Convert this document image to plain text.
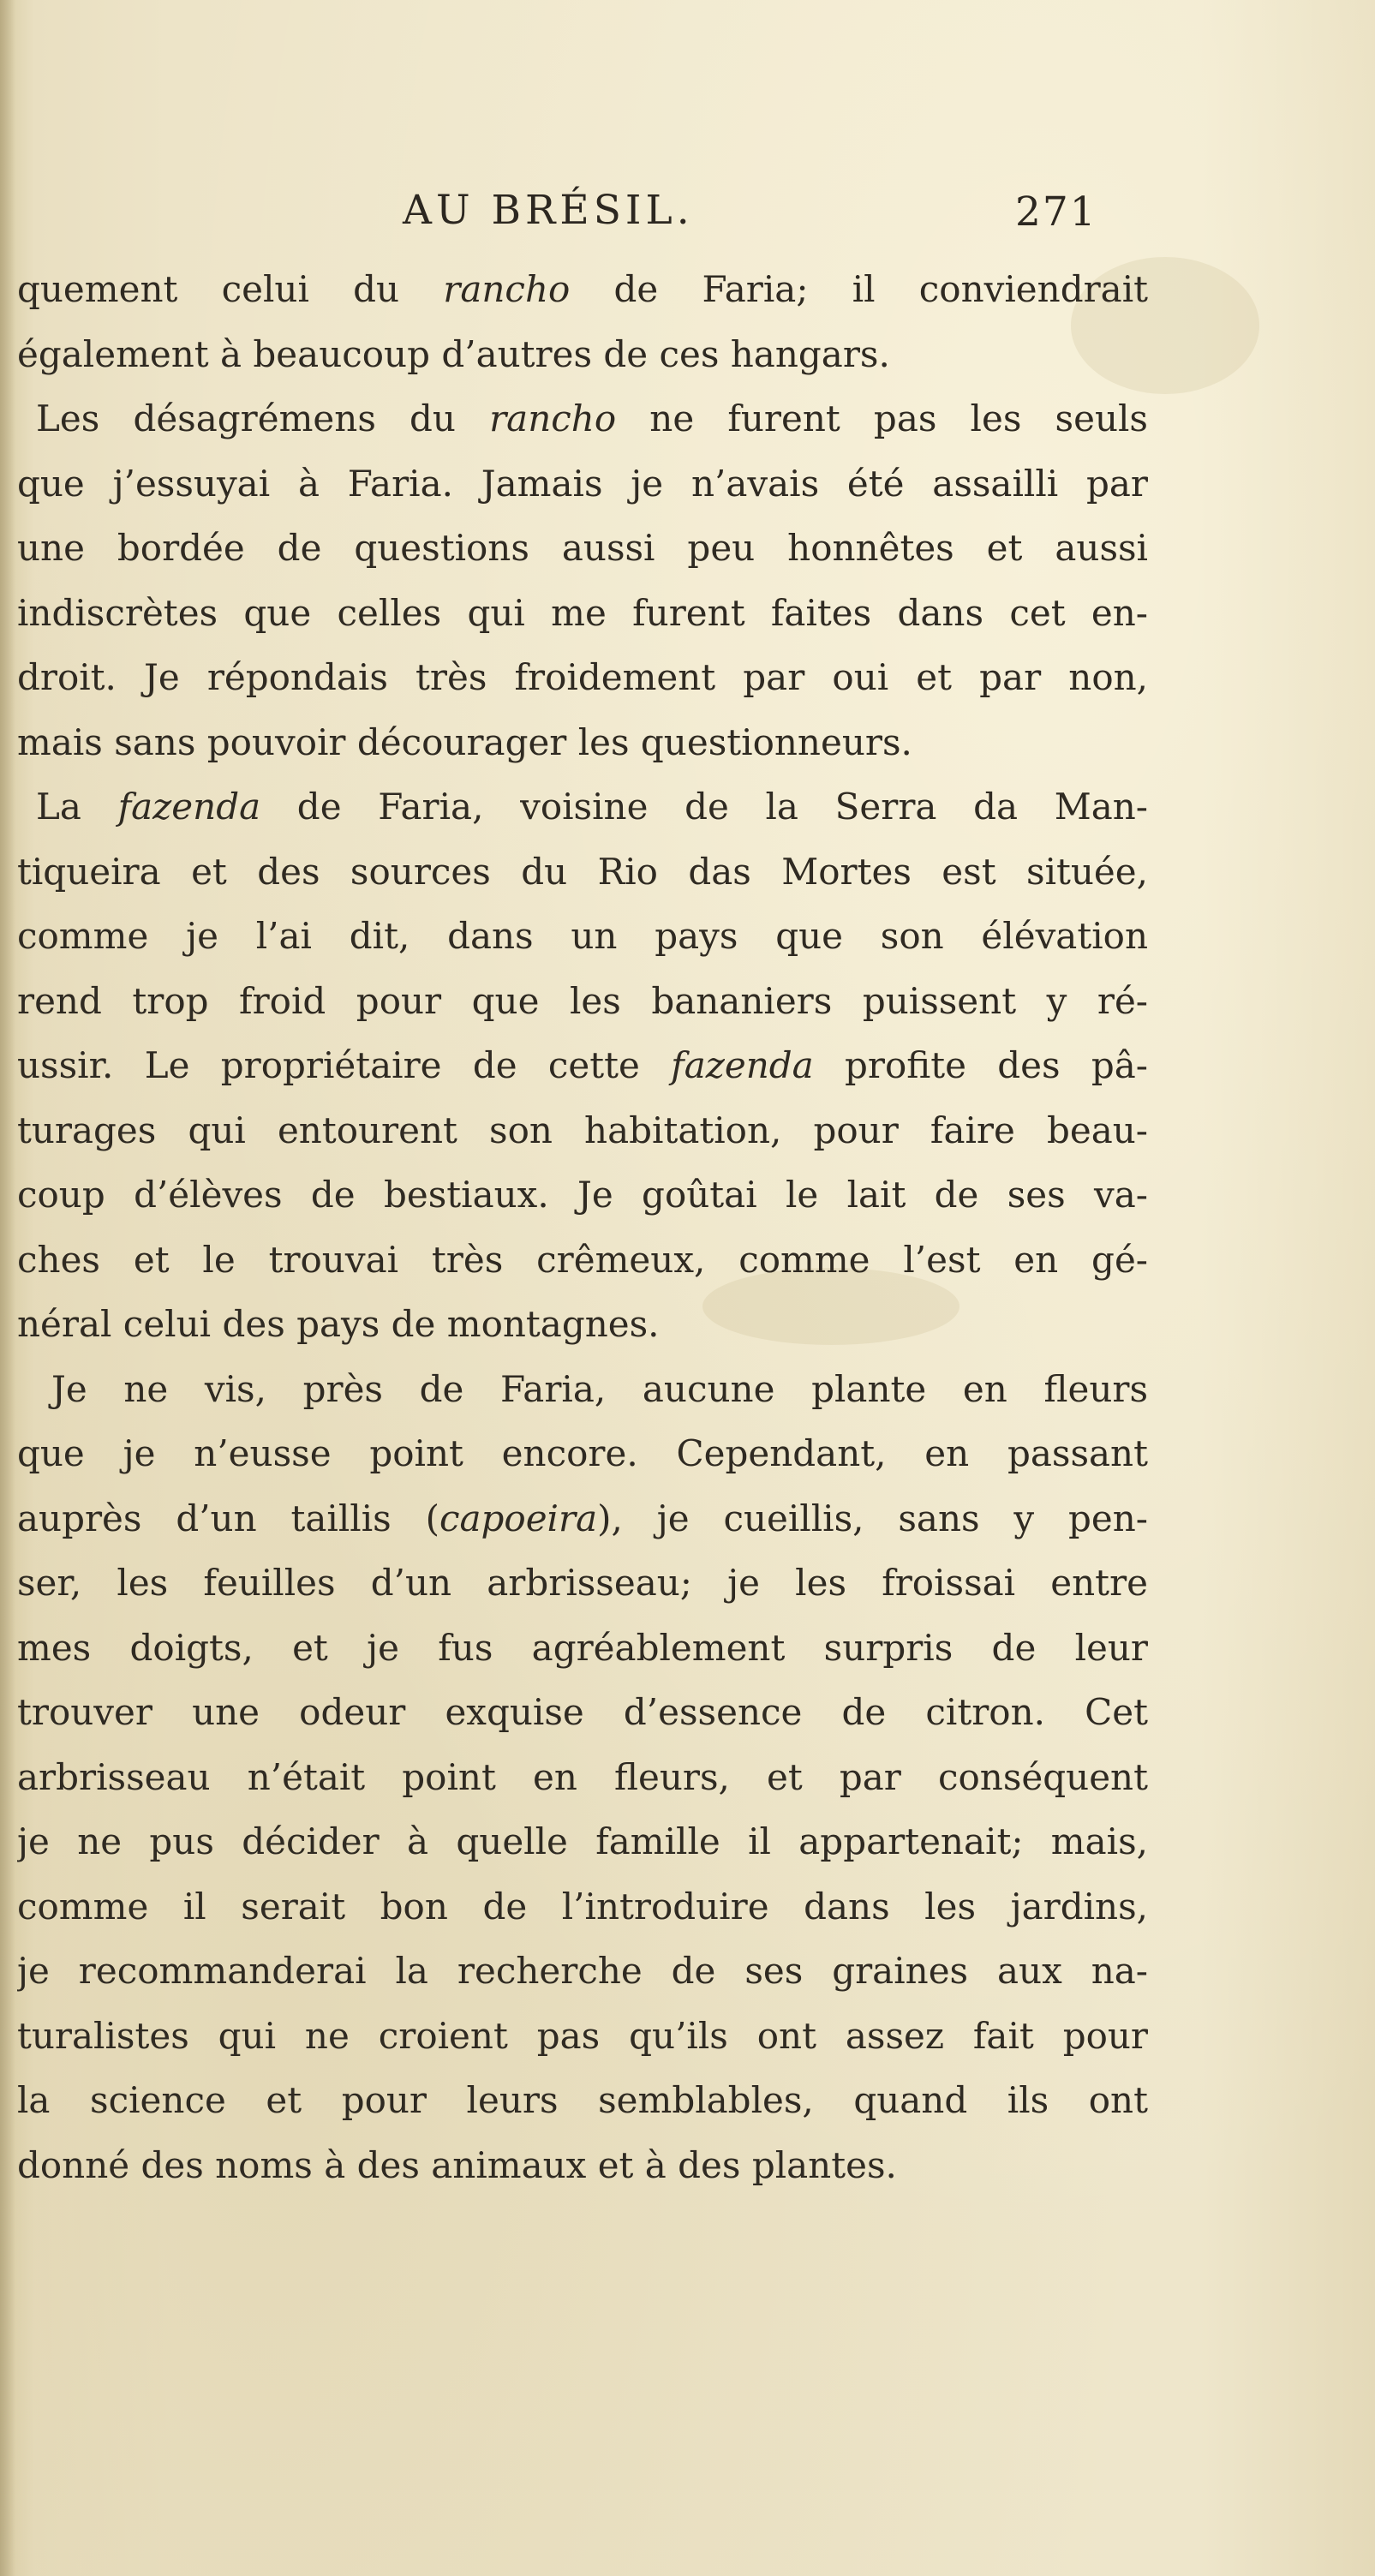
AU BRÉSIL.	271
quement celui du rancho de Faria; il conviendrait
également à beaucoup d’autres de ces hangars.
Les désagrémens du rancho ne furent pas les seuls
que j’essuyai à Faria. Jamais je n’avais été assailli par
une bordée de questions aussi peu honnêtes et aussi
indiscrètes que celles qui me furent faites dans cet en-
droit. Je répondais très froidement par oui et par non,
mais sans pouvoir décourager les questionneurs.
La fazenda de Faria, voisine de la Serra da Man-
tiqueira et des sources du Rio das Mortes est située,
comme je l’ai dit, dans un pays que son élévation
rend trop froid pour que les bananiers puissent y ré-
ussir. Le propriétaire de cette fazenda profite des pâ-
turages qui entourent son habitation, pour faire beau-
coup d’élèves de bestiaux. Je goûtai le lait de ses va-
ches et le trouvai très crêmeux, comme l’est en gé-
néral celui des pays de montagnes.
Je ne vis, près de Faria, aucune plante en fleurs
que je n’eusse point encore. Cependant, en passant
auprès d’un taillis (capoeira), je cueillis, sans y pen-
ser, les feuilles d’un arbrisseau; je les froissai entre
mes doigts, et je fus agréablement surpris de leur
trouver une odeur exquise d’essence de citron. Cet
arbrisseau n’était point en fleurs, et par conséquent
je ne pus décider à quelle famille il appartenait; mais,
comme il serait bon de l’introduire dans les jardins,
je recommanderai la recherche de ses graines aux na-
turalistes qui ne croient pas qu’ils ont assez fait pour
la science et pour leurs semblables, quand ils ont
donné des noms à des animaux et à des plantes.
